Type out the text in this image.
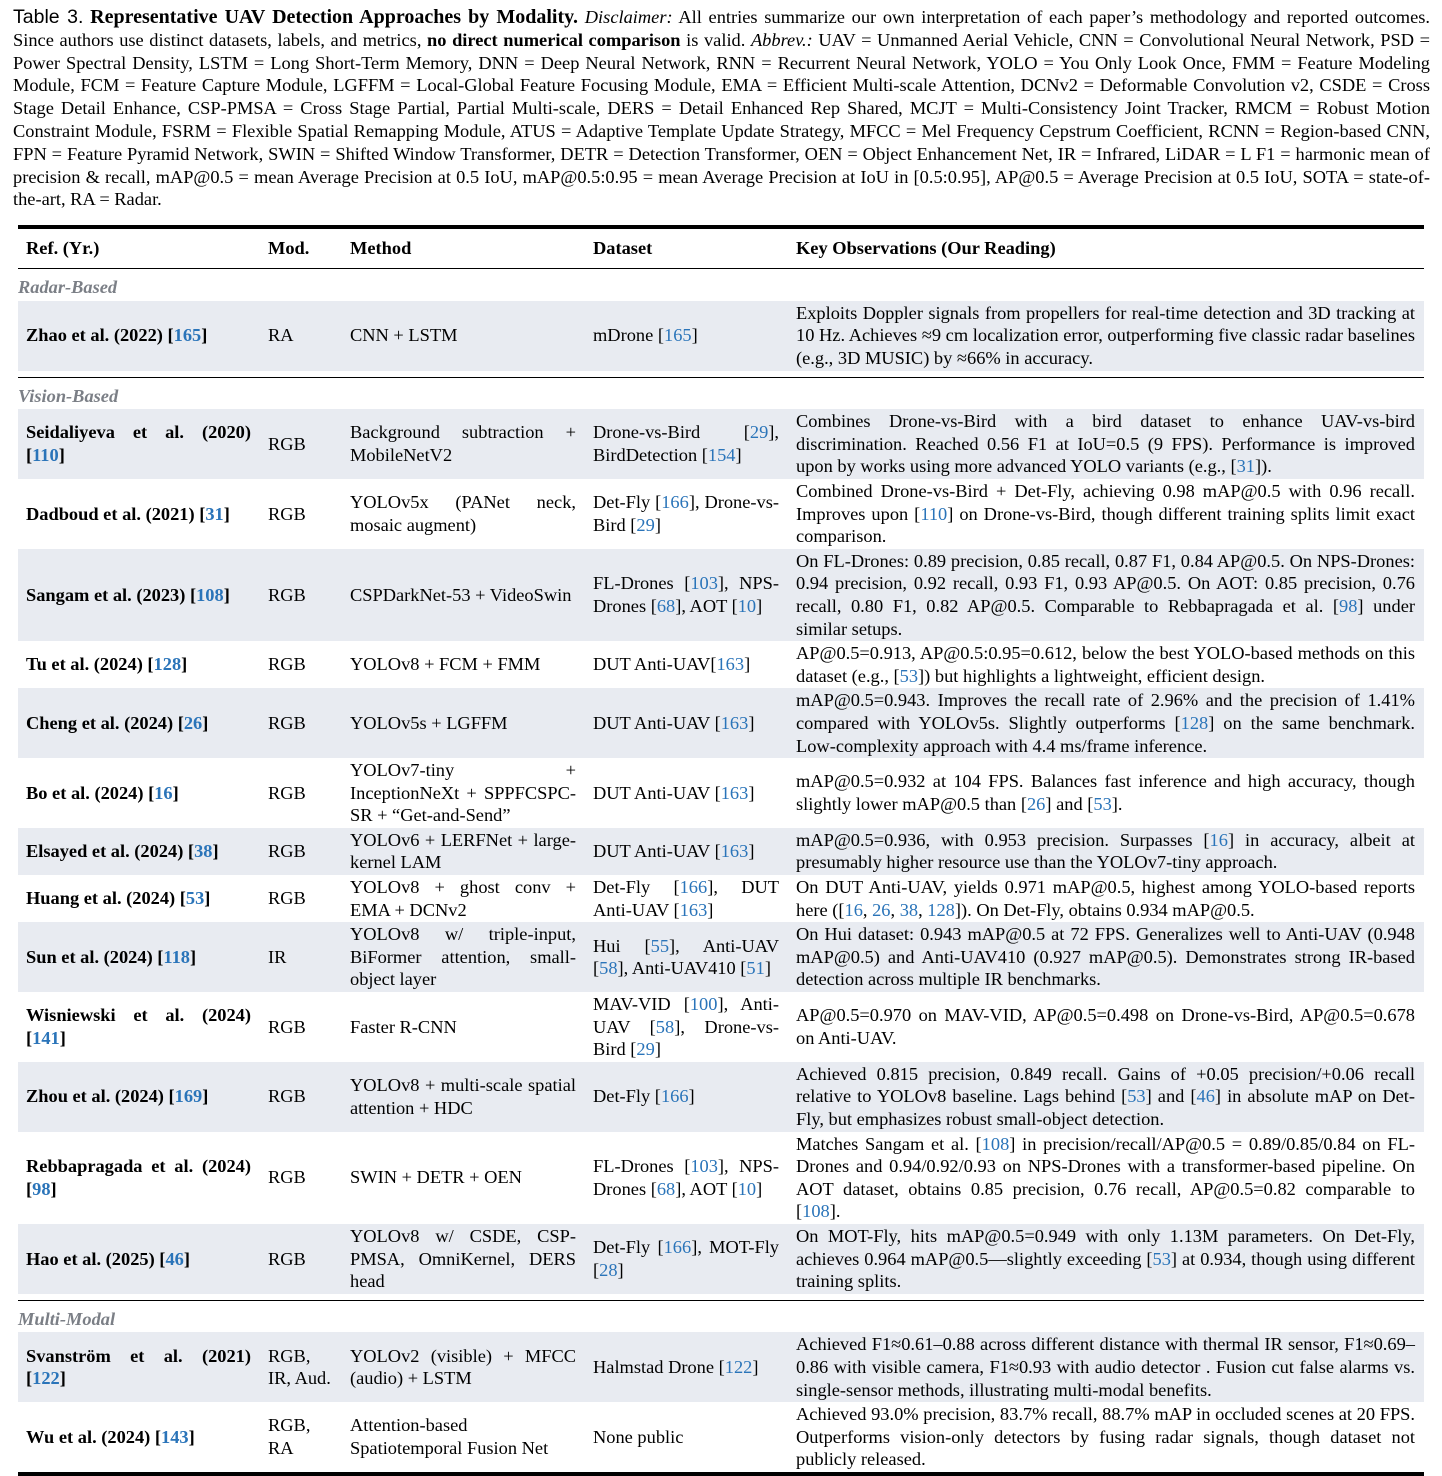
Table 3. Representative UAV Detection Approaches by Modality. Disclaimer: All entries summarize our own interpretation of each paper’s methodology and reported outcomes. Since authors use distinct datasets, labels, and metrics, no direct numerical comparison is valid. Abbrev.: UAV = Unmanned Aerial Vehicle, CNN = Convolutional Neural Network, PSD = Power Spectral Density, LSTM = Long Short-Term Memory, DNN = Deep Neural Network, RNN = Recurrent Neural Network, YOLO = You Only Look Once, FMM = Feature Modeling Module, FCM = Feature Capture Module, LGFFM = Local-Global Feature Focusing Module, EMA = Efficient Multi-scale Attention, DCNv2 = Deformable Convolution v2, CSDE = Cross Stage Detail Enhance, CSP-PMSA = Cross Stage Partial, Partial Multi-scale, DERS = Detail Enhanced Rep Shared, MCJT = Multi-Consistency Joint Tracker, RMCM = Robust Motion Constraint Module, FSRM = Flexible Spatial Remapping Module, ATUS = Adaptive Template Update Strategy, MFCC = Mel Frequency Cepstrum Coefficient, RCNN = Region-based CNN, FPN = Feature Pyramid Network, SWIN = Shifted Window Transformer, DETR = Detection Transformer, OEN = Object Enhancement Net, IR = Infrared, LiDAR = L F1 = harmonic mean of precision & recall, mAP@0.5 = mean Average Precision at 0.5 IoU, mAP@0.5:0.95 = mean Average Precision at IoU in [0.5:0.95], AP@0.5 = Average Precision at 0.5 IoU, SOTA = state-of-the-art, RA = Radar.
Ref. (Yr.)	Mod.	Method	Dataset	Key Observations (Our Reading)
Radar-Based				
Zhao et al. (2022) [165]	RA	CNN + LSTM	mDrone [165]	Exploits Doppler signals from propellers for real-time detection and 3D tracking at 10 Hz. Achieves ≈9 cm localization error, outperforming five classic radar baselines (e.g., 3D MUSIC) by ≈66% in accuracy.

Vision-Based				
Seidaliyeva et al. (2020) [110]	RGB	Background subtraction + MobileNetV2	Drone-vs-Bird [29], BirdDetection [154]	Combines Drone-vs-Bird with a bird dataset to enhance UAV-vs-bird discrimination. Reached 0.56 F1 at IoU=0.5 (9 FPS). Performance is improved upon by works using more advanced YOLO variants (e.g., [31]).
Dadboud et al. (2021) [31]	RGB	YOLOv5x (PANet neck, mosaic augment)	Det-Fly [166], Drone-vs-Bird [29]	Combined Drone-vs-Bird + Det-Fly, achieving 0.98 mAP@0.5 with 0.96 recall. Improves upon [110] on Drone-vs-Bird, though different training splits limit exact comparison.
Sangam et al. (2023) [108]	RGB	CSPDarkNet-53 + VideoSwin	FL-Drones [103], NPS-Drones [68], AOT [10]	On FL-Drones: 0.89 precision, 0.85 recall, 0.87 F1, 0.84 AP@0.5. On NPS-Drones: 0.94 precision, 0.92 recall, 0.93 F1, 0.93 AP@0.5. On AOT: 0.85 precision, 0.76 recall, 0.80 F1, 0.82 AP@0.5. Comparable to Rebbapragada et al. [98] under similar setups.
Tu et al. (2024) [128]	RGB	YOLOv8 + FCM + FMM	DUT Anti-UAV[163]	AP@0.5=0.913, AP@0.5:0.95=0.612, below the best YOLO-based methods on this dataset (e.g., [53]) but highlights a lightweight, efficient design.
Cheng et al. (2024) [26]	RGB	YOLOv5s + LGFFM	DUT Anti-UAV [163]	mAP@0.5=0.943. Improves the recall rate of 2.96% and the precision of 1.41% compared with YOLOv5s. Slightly outperforms [128] on the same benchmark. Low-complexity approach with 4.4 ms/frame inference.
Bo et al. (2024) [16]	RGB	YOLOv7-tiny + InceptionNeXt + SPPFCSPC-SR + “Get-and-Send”	DUT Anti-UAV [163]	mAP@0.5=0.932 at 104 FPS. Balances fast inference and high accuracy, though slightly lower mAP@0.5 than [26] and [53].
Elsayed et al. (2024) [38]	RGB	YOLOv6 + LERFNet + large-kernel LAM	DUT Anti-UAV [163]	mAP@0.5=0.936, with 0.953 precision. Surpasses [16] in accuracy, albeit at presumably higher resource use than the YOLOv7-tiny approach.
Huang et al. (2024) [53]	RGB	YOLOv8 + ghost conv + EMA + DCNv2	Det-Fly [166], DUT Anti-UAV [163]	On DUT Anti-UAV, yields 0.971 mAP@0.5, highest among YOLO-based reports here ([16, 26, 38, 128]). On Det-Fly, obtains 0.934 mAP@0.5.
Sun et al. (2024) [118]	IR	YOLOv8 w/ triple-input, BiFormer attention, small-object layer	Hui [55], Anti-UAV [58], Anti-UAV410 [51]	On Hui dataset: 0.943 mAP@0.5 at 72 FPS. Generalizes well to Anti-UAV (0.948 mAP@0.5) and Anti-UAV410 (0.927 mAP@0.5). Demonstrates strong IR-based detection across multiple IR benchmarks.
Wisniewski et al. (2024) [141]	RGB	Faster R-CNN	MAV-VID [100], Anti-UAV [58], Drone-vs-Bird [29]	AP@0.5=0.970 on MAV-VID, AP@0.5=0.498 on Drone-vs-Bird, AP@0.5=0.678 on Anti-UAV.
Zhou et al. (2024) [169]	RGB	YOLOv8 + multi-scale spatial attention + HDC	Det-Fly [166]	Achieved 0.815 precision, 0.849 recall. Gains of +0.05 precision/+0.06 recall relative to YOLOv8 baseline. Lags behind [53] and [46] in absolute mAP on Det-Fly, but emphasizes robust small-object detection.
Rebbapragada et al. (2024) [98]	RGB	SWIN + DETR + OEN	FL-Drones [103], NPS-Drones [68], AOT [10]	Matches Sangam et al. [108] in precision/recall/AP@0.5 = 0.89/0.85/0.84 on FL-Drones and 0.94/0.92/0.93 on NPS-Drones with a transformer-based pipeline. On AOT dataset, obtains 0.85 precision, 0.76 recall, AP@0.5=0.82 comparable to [108].
Hao et al. (2025) [46]	RGB	YOLOv8 w/ CSDE, CSP-PMSA, OmniKernel, DERS head	Det-Fly [166], MOT-Fly [28]	On MOT-Fly, hits mAP@0.5=0.949 with only 1.13M parameters. On Det-Fly, achieves 0.964 mAP@0.5—slightly exceeding [53] at 0.934, though using different training splits.

Multi-Modal				
Svanström et al. (2021) [122]	RGB, IR, Aud.	YOLOv2 (visible) + MFCC (audio) + LSTM	Halmstad Drone [122]	Achieved F1≈0.61–0.88 across different distance with thermal IR sensor, F1≈0.69–0.86 with visible camera, F1≈0.93 with audio detector . Fusion cut false alarms vs. single-sensor methods, illustrating multi-modal benefits.
Wu et al. (2024) [143]	RGB, RA	Attention-based Spatiotemporal Fusion Net	None public	Achieved 93.0% precision, 83.7% recall, 88.7% mAP in occluded scenes at 20 FPS. Outperforms vision-only detectors by fusing radar signals, though dataset not publicly released.
